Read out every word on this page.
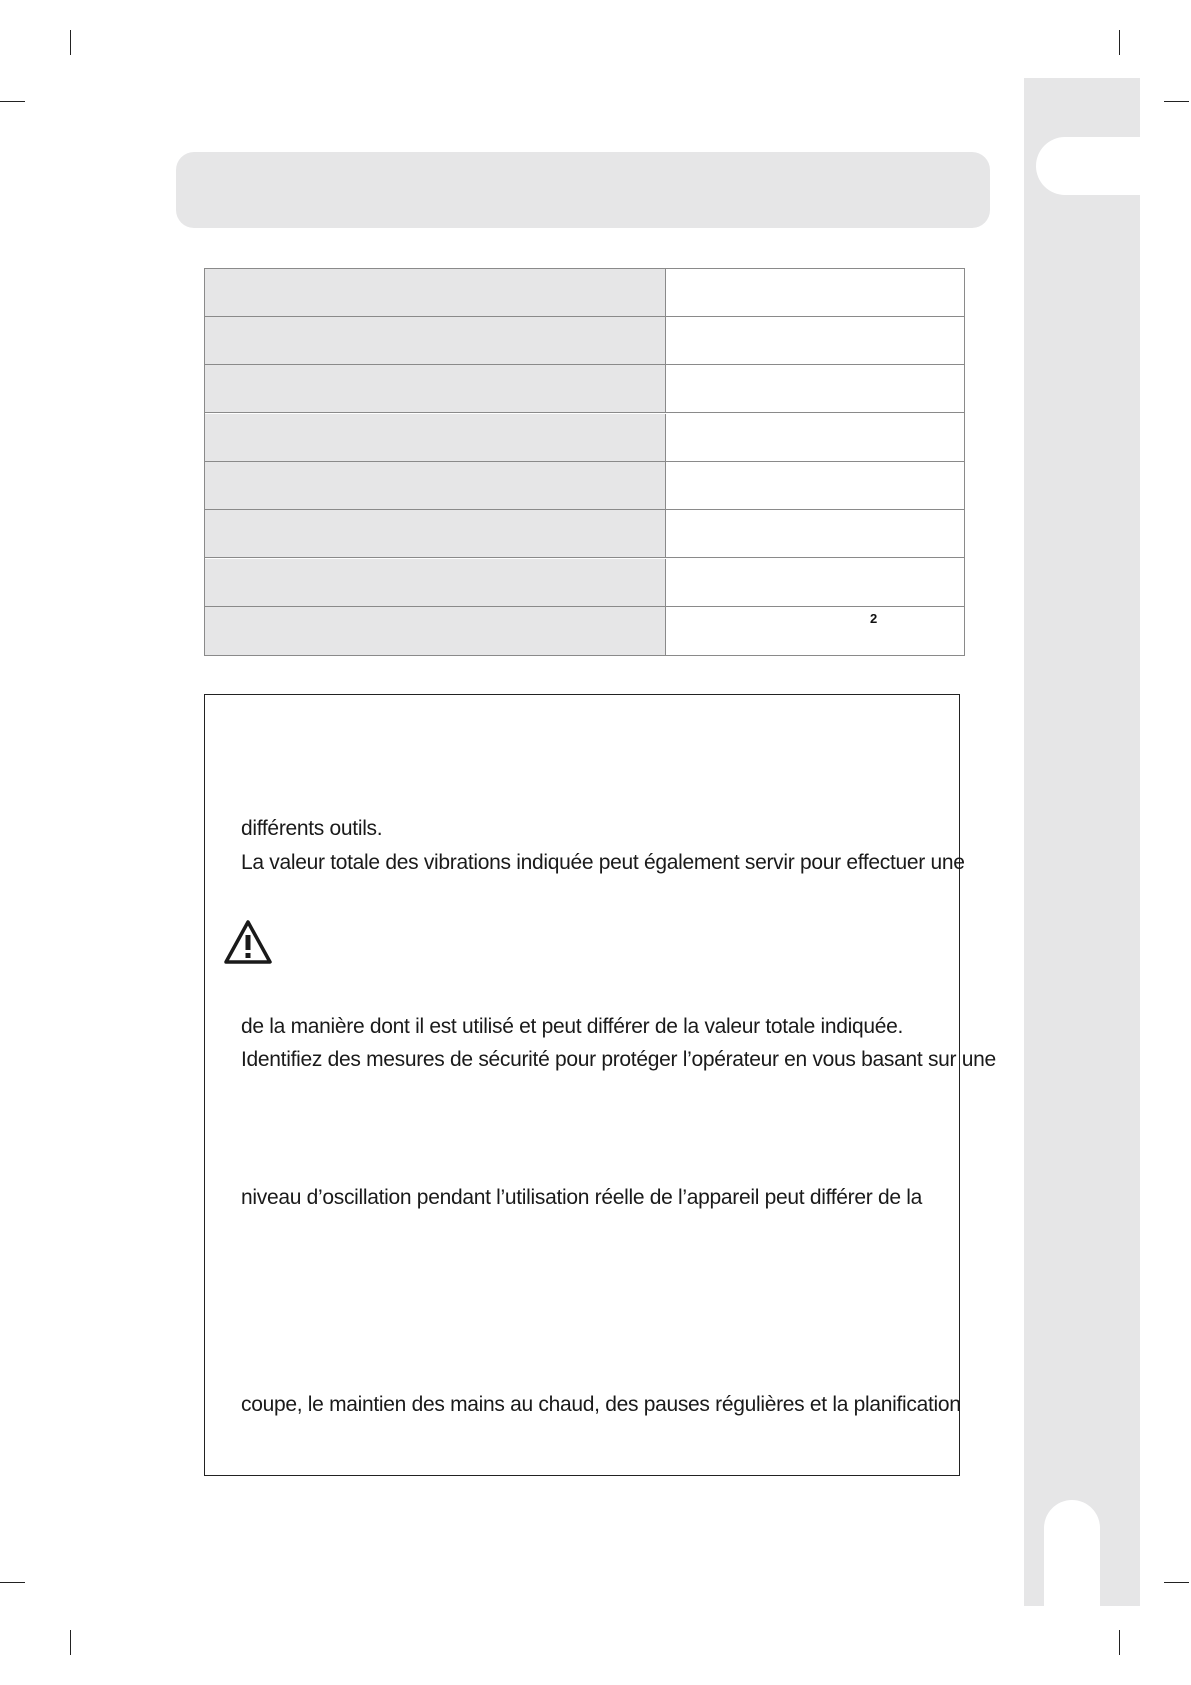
2
différents outils.
La valeur totale des vibrations indiquée peut également servir pour effectuer une
de la manière dont il est utilisé et peut différer de la valeur totale indiquée.
Identifiez des mesures de sécurité pour protéger l’opérateur en vous basant sur une
niveau d’oscillation pendant l’utilisation réelle de l’appareil peut différer de la
coupe, le maintien des mains au chaud, des pauses régulières et la planification
